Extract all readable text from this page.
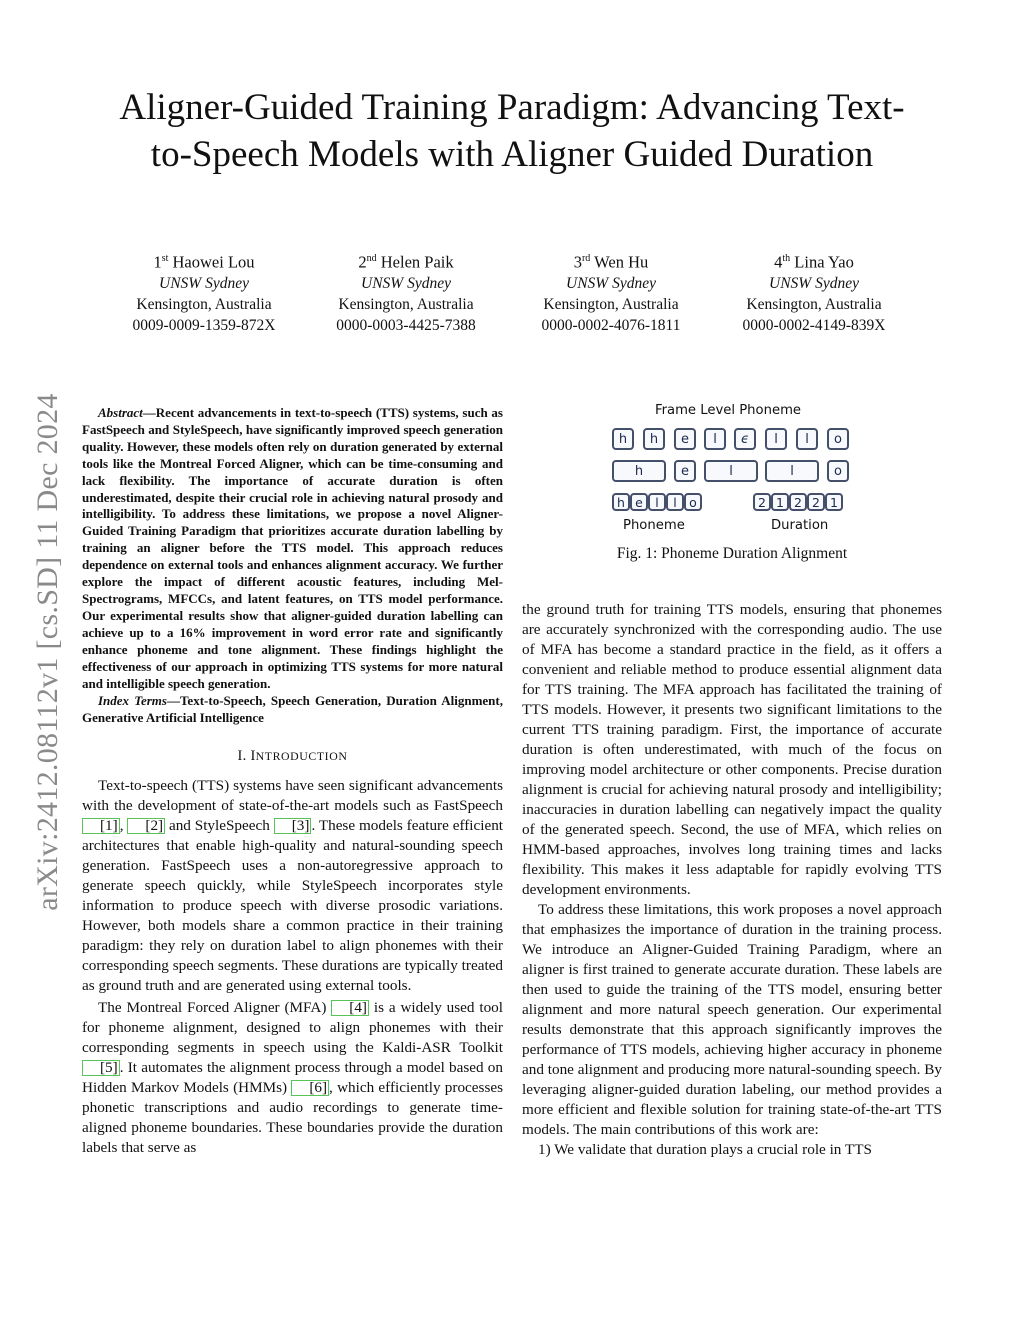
arXiv:2412.08112v1 [cs.SD] 11 Dec 2024
Aligner-Guided Training Paradigm: Advancing Text-to-Speech Models with Aligner Guided Duration
1st Haowei Lou
UNSW Sydney
Kensington, Australia
0009-0009-1359-872X
2nd Helen Paik
UNSW Sydney
Kensington, Australia
0000-0003-4425-7388
3rd Wen Hu
UNSW Sydney
Kensington, Australia
0000-0002-4076-1811
4th Lina Yao
UNSW Sydney
Kensington, Australia
0000-0002-4149-839X

Abstract—Recent advancements in text-to-speech (TTS) systems, such as FastSpeech and StyleSpeech, have significantly improved speech generation quality. However, these models often rely on duration generated by external tools like the Montreal Forced Aligner, which can be time-consuming and lack flexibility. The importance of accurate duration is often underestimated, despite their crucial role in achieving natural prosody and intelligibility. To address these limitations, we propose a novel Aligner-Guided Training Paradigm that prioritizes accurate duration labelling by training an aligner before the TTS model. This approach reduces dependence on external tools and enhances alignment accuracy. We further explore the impact of different acoustic features, including Mel-Spectrograms, MFCCs, and latent features, on TTS model performance. Our experimental results show that aligner-guided duration labelling can achieve up to a 16% improvement in word error rate and significantly enhance phoneme and tone alignment. These findings highlight the effectiveness of our approach in optimizing TTS systems for more natural and intelligible speech generation.

Index Terms—Text-to-Speech, Speech Generation, Duration Alignment, Generative Artificial Intelligence

I. INTRODUCTION

Text-to-speech (TTS) systems have seen significant advancements with the development of state-of-the-art models such as FastSpeech [1] , [2] and StyleSpeech [3] . These models feature efficient architectures that enable high-quality and natural-sounding speech generation. FastSpeech uses a non-autoregressive approach to generate speech quickly, while StyleSpeech incorporates style information to produce speech with diverse prosodic variations. However, both models share a common practice in their training paradigm: they rely on duration label to align phonemes with their corresponding speech segments. These durations are typically treated as ground truth and are generated using external tools.

The Montreal Forced Aligner (MFA) [4] is a widely used tool for phoneme alignment, designed to align phonemes with their corresponding segments in speech using the Kaldi-ASR Toolkit [5] . It automates the alignment process through a model based on Hidden Markov Models (HMMs) [6] , which efficiently processes phonetic transcriptions and audio recordings to generate time-aligned phoneme boundaries. These boundaries provide the duration labels that serve as

Frame Level Phoneme
h	h	e	l	ϵ	l	l	o
h	e	l	l	o
h e l	l o	2 1 2 2 1
Phoneme	Duration
Fig. 1: Phoneme Duration Alignment

the ground truth for training TTS models, ensuring that phonemes are accurately synchronized with the corresponding audio. The use of MFA has become a standard practice in the field, as it offers a convenient and reliable method to produce essential alignment data for TTS training. The MFA approach has facilitated the training of TTS models. However, it presents two significant limitations to the current TTS training paradigm. First, the importance of accurate duration is often underestimated, with much of the focus on improving model architecture or other components. Precise duration alignment is crucial for achieving natural prosody and intelligibility; inaccuracies in duration labelling can negatively impact the quality of the generated speech. Second, the use of MFA, which relies on HMM-based approaches, involves long training times and lacks flexibility. This makes it less adaptable for rapidly evolving TTS development environments.

To address these limitations, this work proposes a novel approach that emphasizes the importance of duration in the training process. We introduce an Aligner-Guided Training Paradigm, where an aligner is first trained to generate accurate duration. These labels are then used to guide the training of the TTS model, ensuring better alignment and more natural speech generation. Our experimental results demonstrate that this approach significantly improves the performance of TTS models, achieving higher accuracy in phoneme and tone alignment and producing more natural-sounding speech. By leveraging aligner-guided duration labeling, our method provides a more efficient and flexible solution for training state-of-the-art TTS models. The main contributions of this work are:

1) We validate that duration plays a crucial role in TTS
